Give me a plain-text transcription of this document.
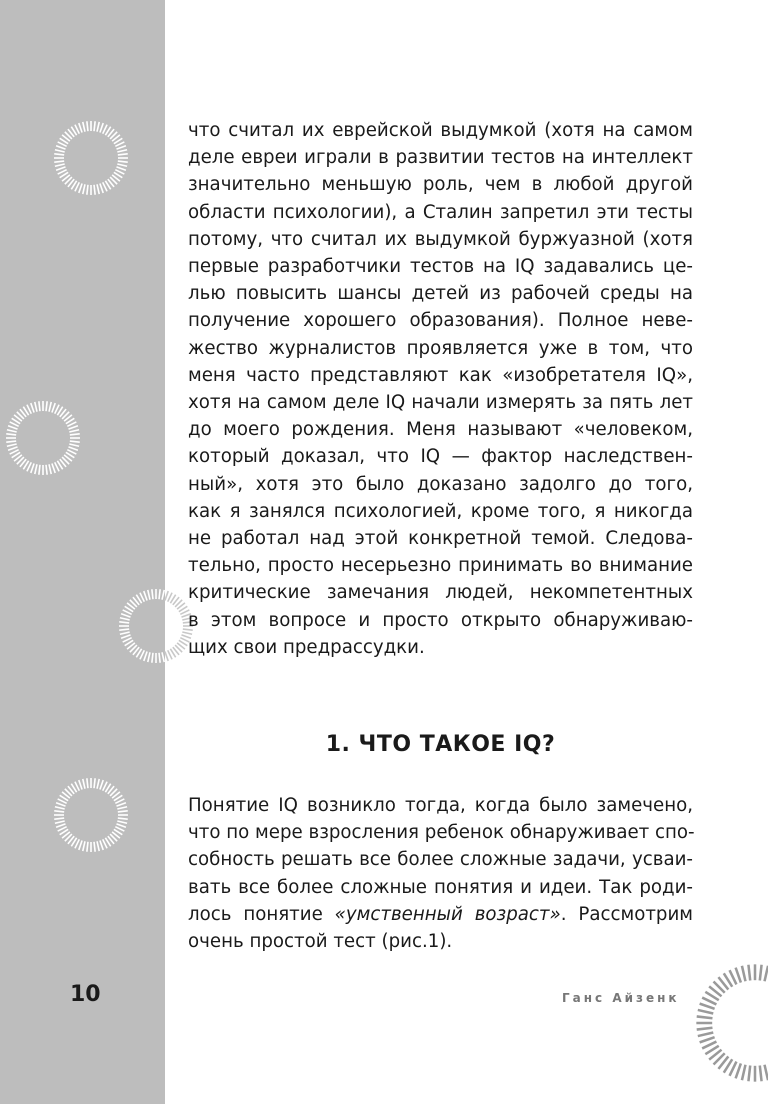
что считал их еврейской выдумкой (хотя на самом
деле евреи играли в развитии тестов на интеллект
значительно меньшую роль, чем в любой другой
области психологии), а Сталин запретил эти тесты
потому, что считал их выдумкой буржуазной (хотя
первые разработчики тестов на IQ задавались це-
лью повысить шансы детей из рабочей среды на
получение хорошего образования). Полное неве-
жество журналистов проявляется уже в том, что
меня часто представляют как «изобретателя IQ»,
хотя на самом деле IQ начали измерять за пять лет
до моего рождения. Меня называют «человеком,
который доказал, что IQ — фактор наследствен-
ный», хотя это было доказано задолго до того,
как я занялся психологией, кроме того, я никогда
не работал над этой конкретной темой. Следова-
тельно, просто несерьезно принимать во внимание
критические замечания людей, некомпетентных
в этом вопросе и просто открыто обнаруживаю-
щих свои предрассудки.

1. ЧТО ТАКОЕ IQ?
Понятие IQ возникло тогда, когда было замечено,
что по мере взросления ребенок обнаруживает спо-
собность решать все более сложные задачи, усваи-
вать все более сложные понятия и идеи. Так роди-
лось понятие «умственный возраст». Рассмотрим
очень простой тест (рис.1).
10	Ганс Айзенк
